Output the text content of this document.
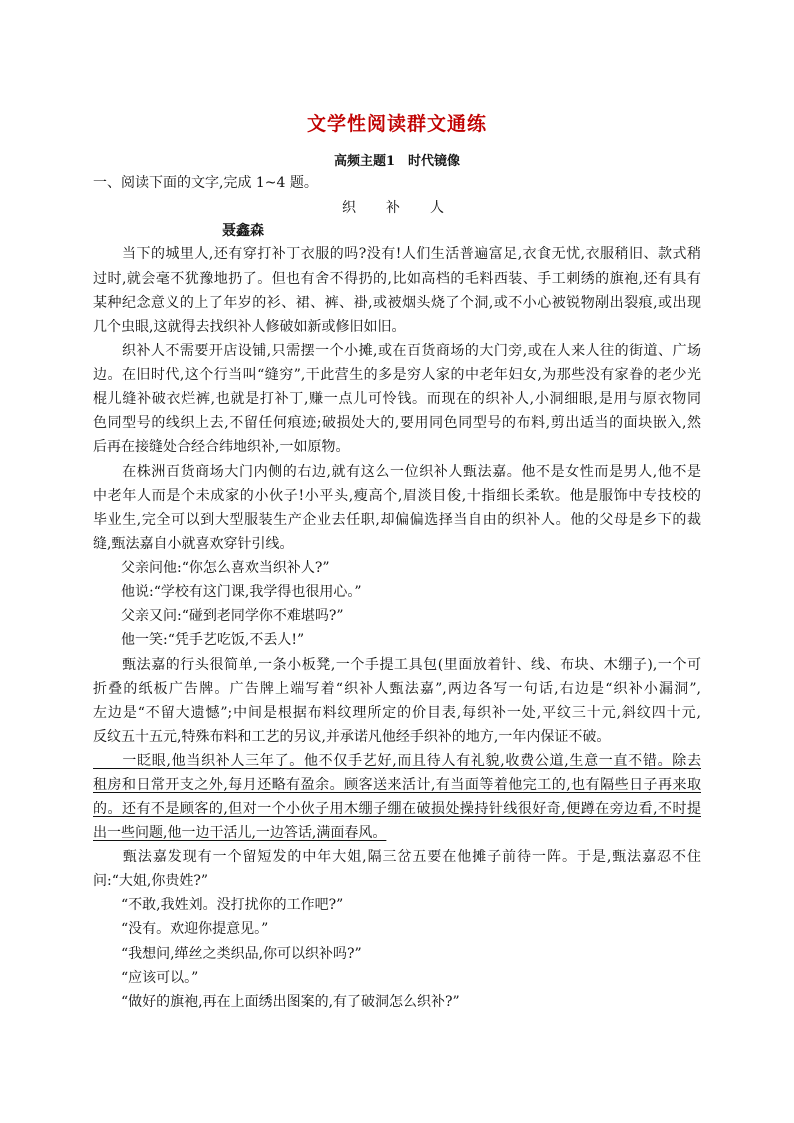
文学性阅读群文通练
高频主题1　时代镜像
一、阅读下面的文字,完成 1~4 题。
织　补　人
聂鑫森
　　当下的城里人,还有穿打补丁衣服的吗?没有!人们生活普遍富足,衣食无忧,衣服稍旧、款式稍
过时,就会毫不犹豫地扔了。但也有舍不得扔的,比如高档的毛料西装、手工刺绣的旗袍,还有具有
某种纪念意义的上了年岁的衫、裙、裤、褂,或被烟头烧了个洞,或不小心被锐物剐出裂痕,或出现
几个虫眼,这就得去找织补人修破如新或修旧如旧。
　　织补人不需要开店设铺,只需摆一个小摊,或在百货商场的大门旁,或在人来人往的街道、广场
边。在旧时代,这个行当叫“缝穷”,干此营生的多是穷人家的中老年妇女,为那些没有家眷的老少光
棍儿缝补破衣烂裤,也就是打补丁,赚一点儿可怜钱。而现在的织补人,小洞细眼,是用与原衣物同
色同型号的线织上去,不留任何痕迹;破损处大的,要用同色同型号的布料,剪出适当的面块嵌入,然
后再在接缝处合经合纬地织补,一如原物。
　　在株洲百货商场大门内侧的右边,就有这么一位织补人甄法嘉。他不是女性而是男人,他不是
中老年人而是个未成家的小伙子!小平头,瘦高个,眉淡目俊,十指细长柔软。他是服饰中专技校的
毕业生,完全可以到大型服装生产企业去任职,却偏偏选择当自由的织补人。他的父母是乡下的裁
缝,甄法嘉自小就喜欢穿针引线。
　　父亲问他:“你怎么喜欢当织补人?”
　　他说:“学校有这门课,我学得也很用心。”
　　父亲又问:“碰到老同学你不难堪吗?”
　　他一笑:“凭手艺吃饭,不丢人!”
　　甄法嘉的行头很简单,一条小板凳,一个手提工具包(里面放着针、线、布块、木绷子),一个可
折叠的纸板广告牌。广告牌上端写着“织补人甄法嘉”,两边各写一句话,右边是“织补小漏洞”,
左边是“不留大遗憾”;中间是根据布料纹理所定的价目表,每织补一处,平纹三十元,斜纹四十元,
反纹五十五元,特殊布料和工艺的另议,并承诺凡他经手织补的地方,一年内保证不破。
　　一眨眼,他当织补人三年了。他不仅手艺好,而且待人有礼貌,收费公道,生意一直不错。除去
租房和日常开支之外,每月还略有盈余。顾客送来活计,有当面等着他完工的,也有隔些日子再来取
的。还有不是顾客的,但对一个小伙子用木绷子绷在破损处操持针线很好奇,便蹲在旁边看,不时提
出一些问题,他一边干活儿,一边答话,满面春风。
　　甄法嘉发现有一个留短发的中年大姐,隔三岔五要在他摊子前待一阵。于是,甄法嘉忍不住
问:“大姐,你贵姓?”
　　“不敢,我姓刘。没打扰你的工作吧?”
　　“没有。欢迎你提意见。”
　　“我想问,缂丝之类织品,你可以织补吗?”
　　“应该可以。”
　　“做好的旗袍,再在上面绣出图案的,有了破洞怎么织补?”
